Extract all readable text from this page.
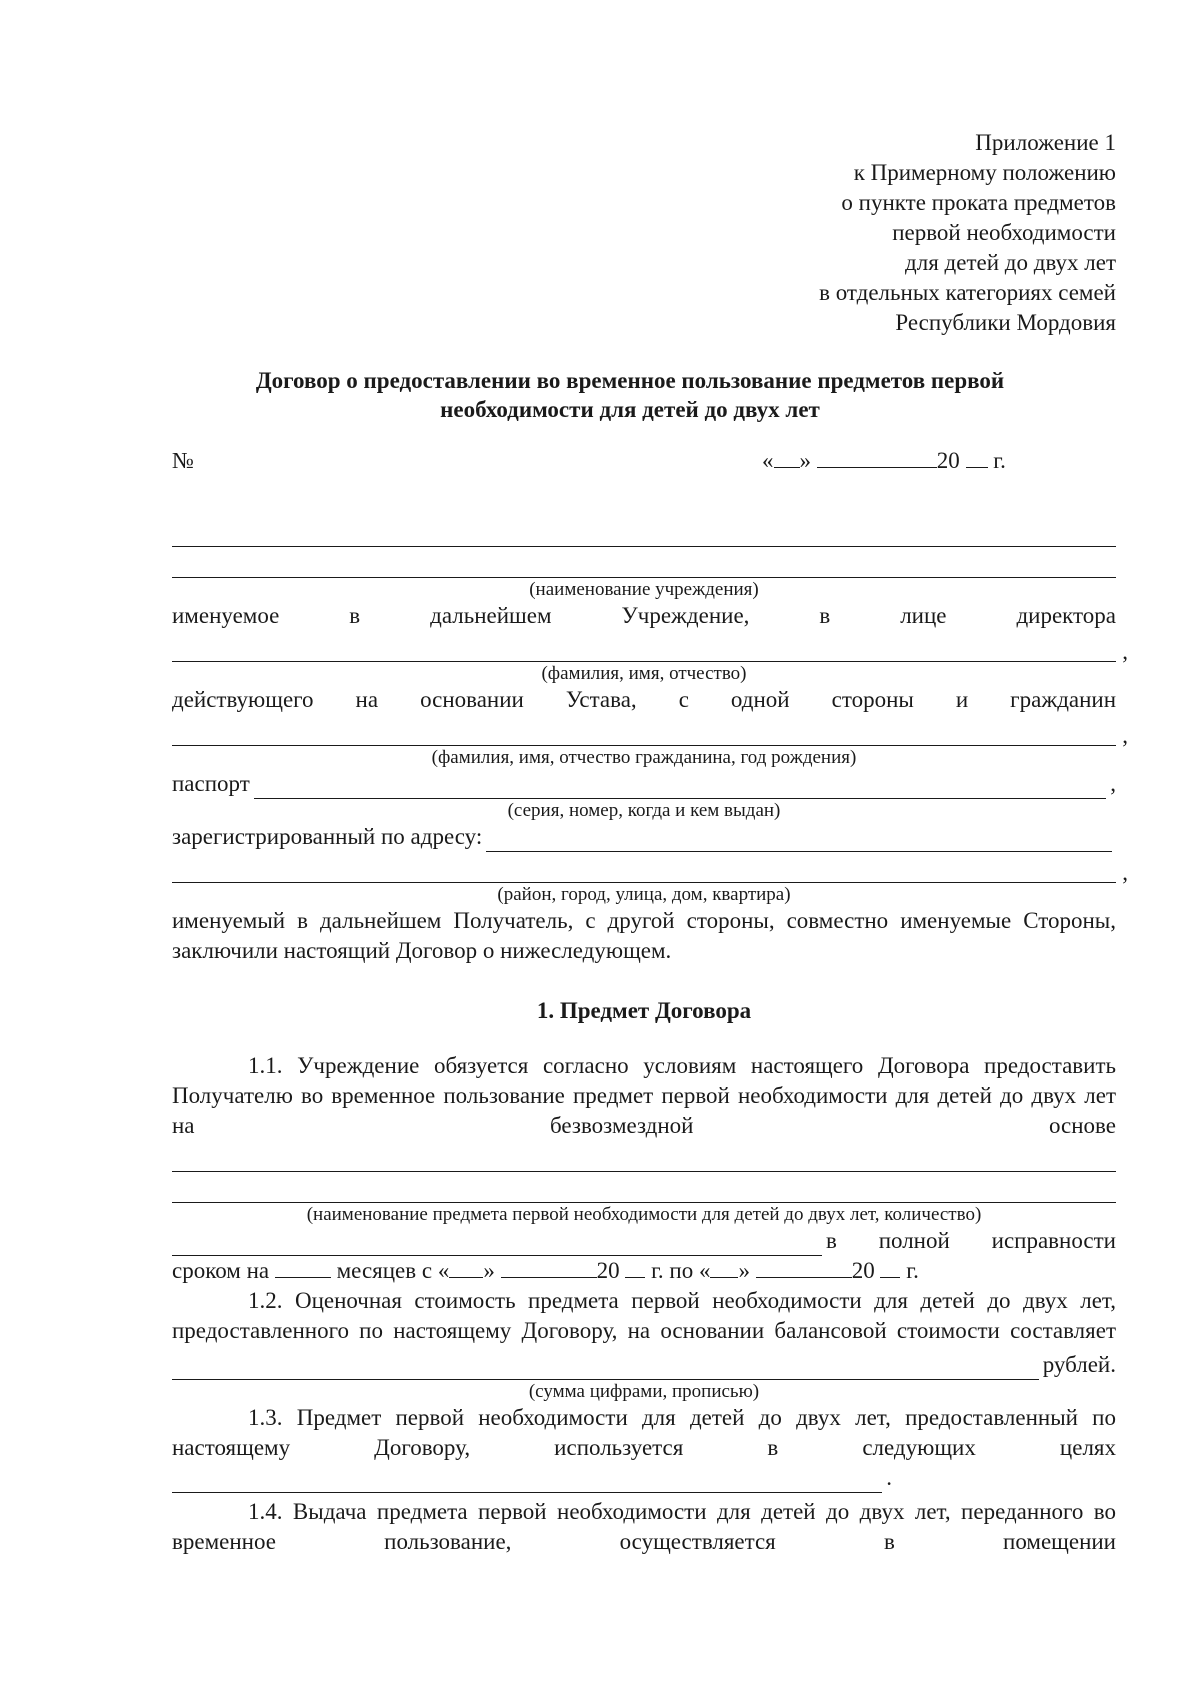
Приложение 1
к Примерному положению
о пункте проката предметов
первой необходимости
для детей до двух лет
в отдельных категориях семей
Республики Мордовия
Договор о предоставлении во временное пользование предметов первой
необходимости для детей до двух лет
№	« »	20 г.
(наименование учреждения)
именуемое	в	дальнейшем	Учреждение,	в	лице	директора
,
(фамилия, имя, отчество)
действующего на основании Устава, с одной стороны и гражданин
,
(фамилия, имя, отчество гражданина, год рождения)
паспорт	,
(серия, номер, когда и кем выдан)
зарегистрированный по адресу:
,
(район, город, улица, дом, квартира)
именуемый в дальнейшем Получатель, с другой стороны, совместно именуемые Стороны, заключили настоящий Договор о нижеследующем.
1. Предмет Договора
1.1. Учреждение обязуется согласно условиям настоящего Договора предоставить Получателю во временное пользование предмет первой необходимости для детей до двух лет на безвозмездной основе
(наименование предмета первой необходимости для детей до двух лет, количество)
в полной исправности
сроком на	месяцев с « »	20 г. по « »	20 г.
1.2. Оценочная стоимость предмета первой необходимости для детей до двух лет, предоставленного по настоящему Договору, на основании балансовой стоимости составляет
рублей.
(сумма цифрами, прописью)
1.3. Предмет первой необходимости для детей до двух лет, предоставленный по настоящему Договору, используется в следующих целях
.
1.4. Выдача предмета первой необходимости для детей до двух лет, переданного во временное пользование, осуществляется в помещении
